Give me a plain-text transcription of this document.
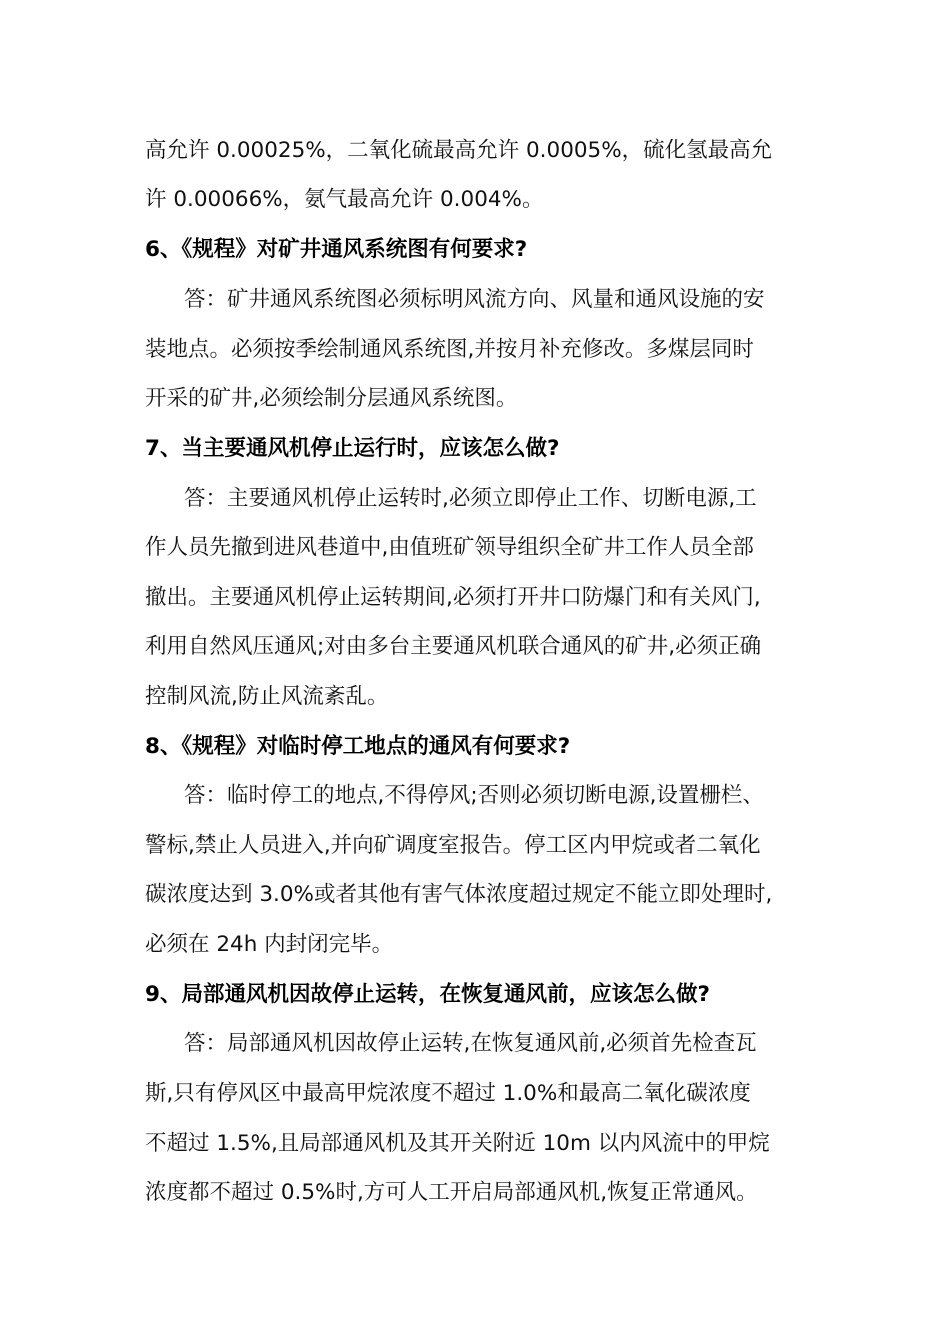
高允许 0.00025%，二氧化硫最高允许 0.0005%，硫化氢最高允
许 0.00066%，氨气最高允许 0.004%。
6、《规程》对矿井通风系统图有何要求?
答：矿井通风系统图必须标明风流方向、风量和通风设施的安
装地点。必须按季绘制通风系统图,并按月补充修改。多煤层同时
开采的矿井,必须绘制分层通风系统图。
7、当主要通风机停止运行时，应该怎么做?
答：主要通风机停止运转时,必须立即停止工作、切断电源,工
作人员先撤到进风巷道中,由值班矿领导组织全矿井工作人员全部
撤出。主要通风机停止运转期间,必须打开井口防爆门和有关风门,
利用自然风压通风;对由多台主要通风机联合通风的矿井,必须正确
控制风流,防止风流紊乱。
8、《规程》对临时停工地点的通风有何要求?
答：临时停工的地点,不得停风;否则必须切断电源,设置栅栏、
警标,禁止人员进入,并向矿调度室报告。停工区内甲烷或者二氧化
碳浓度达到 3.0%或者其他有害气体浓度超过规定不能立即处理时,
必须在 24h 内封闭完毕。
9、局部通风机因故停止运转，在恢复通风前，应该怎么做?
答：局部通风机因故停止运转,在恢复通风前,必须首先检查瓦
斯,只有停风区中最高甲烷浓度不超过 1.0%和最高二氧化碳浓度
不超过 1.5%,且局部通风机及其开关附近 10m 以内风流中的甲烷
浓度都不超过 0.5%时,方可人工开启局部通风机,恢复正常通风。
